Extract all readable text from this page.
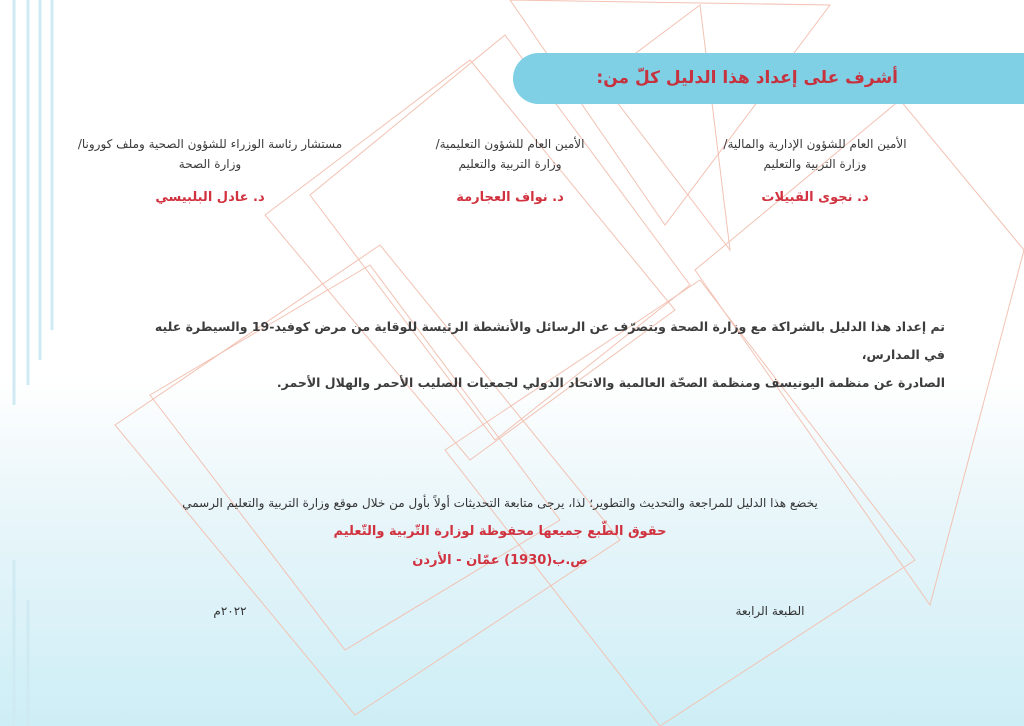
أشرف على إعداد هذا الدليل كلّ من:
الأمين العام للشؤون الإدارية والمالية/
وزارة التربية والتعليم
د. نجوى القبيلات
الأمين العام للشؤون التعليمية/
وزارة التربية والتعليم
د. نواف العجارمة
مستشار رئاسة الوزراء للشؤون الصحية وملف كورونا/
وزارة الصحة
د. عادل البلبيسي
تم إعداد هذا الدليل بالشراكة مع وزارة الصحة وبتصرّف عن الرسائل والأنشطة الرئيسة للوقاية من مرض كوفيد-19 والسيطرة عليه في المدارس،
الصادرة عن منظمة اليونيسف ومنظمة الصحّة العالمية والاتحاد الدولي لجمعيات الصليب الأحمر والهلال الأحمر.
يخضع هذا الدليل للمراجعة والتحديث والتطوير؛ لذا، يرجى متابعة التحديثات أولاً بأول من خلال موقع وزارة التربية والتعليم الرسمي
حقوق الطّبع جميعها محفوظة لوزارة التّربية والتّعليم
ص.ب(1930) عمّان - الأردن
الطبعة الرابعة
٢٠٢٢م
